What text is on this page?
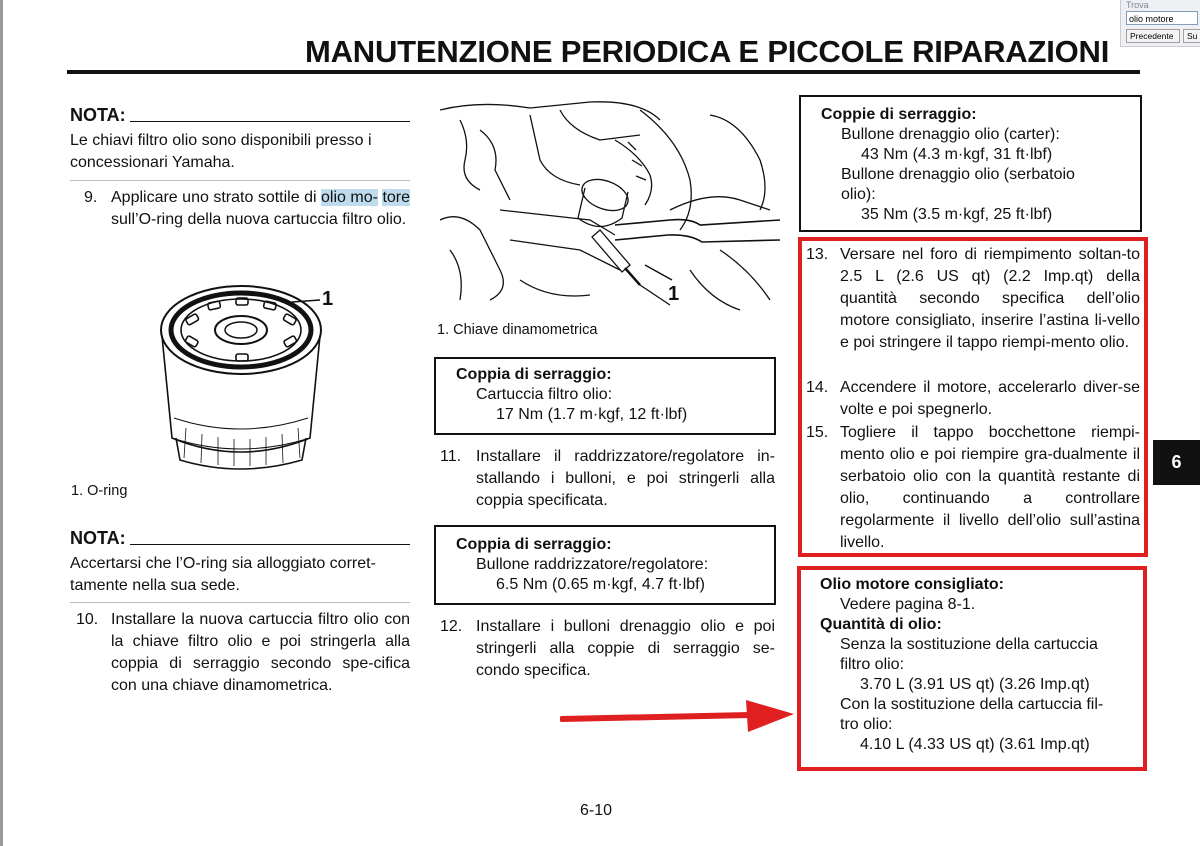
Trova
olio motore
Precedente	Su
MANUTENZIONE PERIODICA E PICCOLE RIPARAZIONI
NOTA:
Le chiavi filtro olio sono disponibili presso i
concessionari Yamaha.
9. Applicare uno strato sottile di olio mo- tore sull’O-ring della nuova cartuccia filtro olio.
1
1. O-ring
NOTA:
Accertarsi che l’O-ring sia alloggiato corret-
tamente nella sua sede.
10. Installare la nuova cartuccia filtro olio con la chiave filtro olio e poi stringerla alla coppia di serraggio secondo spe-cifica con una chiave dinamometrica.
1
1. Chiave dinamometrica
Coppia di serraggio:
Cartuccia filtro olio:
17 Nm (1.7 m·kgf, 12 ft·lbf)
11. Installare il raddrizzatore/regolatore in-stallando i bulloni, e poi stringerli alla coppia specificata.
Coppia di serraggio:
Bullone raddrizzatore/regolatore:
6.5 Nm (0.65 m·kgf, 4.7 ft·lbf)
12. Installare i bulloni drenaggio olio e poi stringerli alla coppie di serraggio se-condo specifica.
Coppie di serraggio:
Bullone drenaggio olio (carter):
43 Nm (4.3 m·kgf, 31 ft·lbf)
Bullone drenaggio olio (serbatoio
olio):
35 Nm (3.5 m·kgf, 25 ft·lbf)
13. Versare nel foro di riempimento soltan-to 2.5 L (2.6 US qt) (2.2 Imp.qt) della quantità secondo specifica dell’olio motore consigliato, inserire l’astina li-vello e poi stringere il tappo riempi-mento olio.
14. Accendere il motore, accelerarlo diver-se volte e poi spegnerlo.
15. Togliere il tappo bocchettone riempi-mento olio e poi riempire gra-dualmente il serbatoio olio con la quantità restante di olio, continuando a controllare regolarmente il livello dell’olio sull’astina livello.
Olio motore consigliato:
Vedere pagina 8-1.
Quantità di olio:
Senza la sostituzione della cartuccia
filtro olio:
3.70 L (3.91 US qt) (3.26 Imp.qt)
Con la sostituzione della cartuccia fil-
tro olio:
4.10 L (4.33 US qt) (3.61 Imp.qt)
6
6-10
